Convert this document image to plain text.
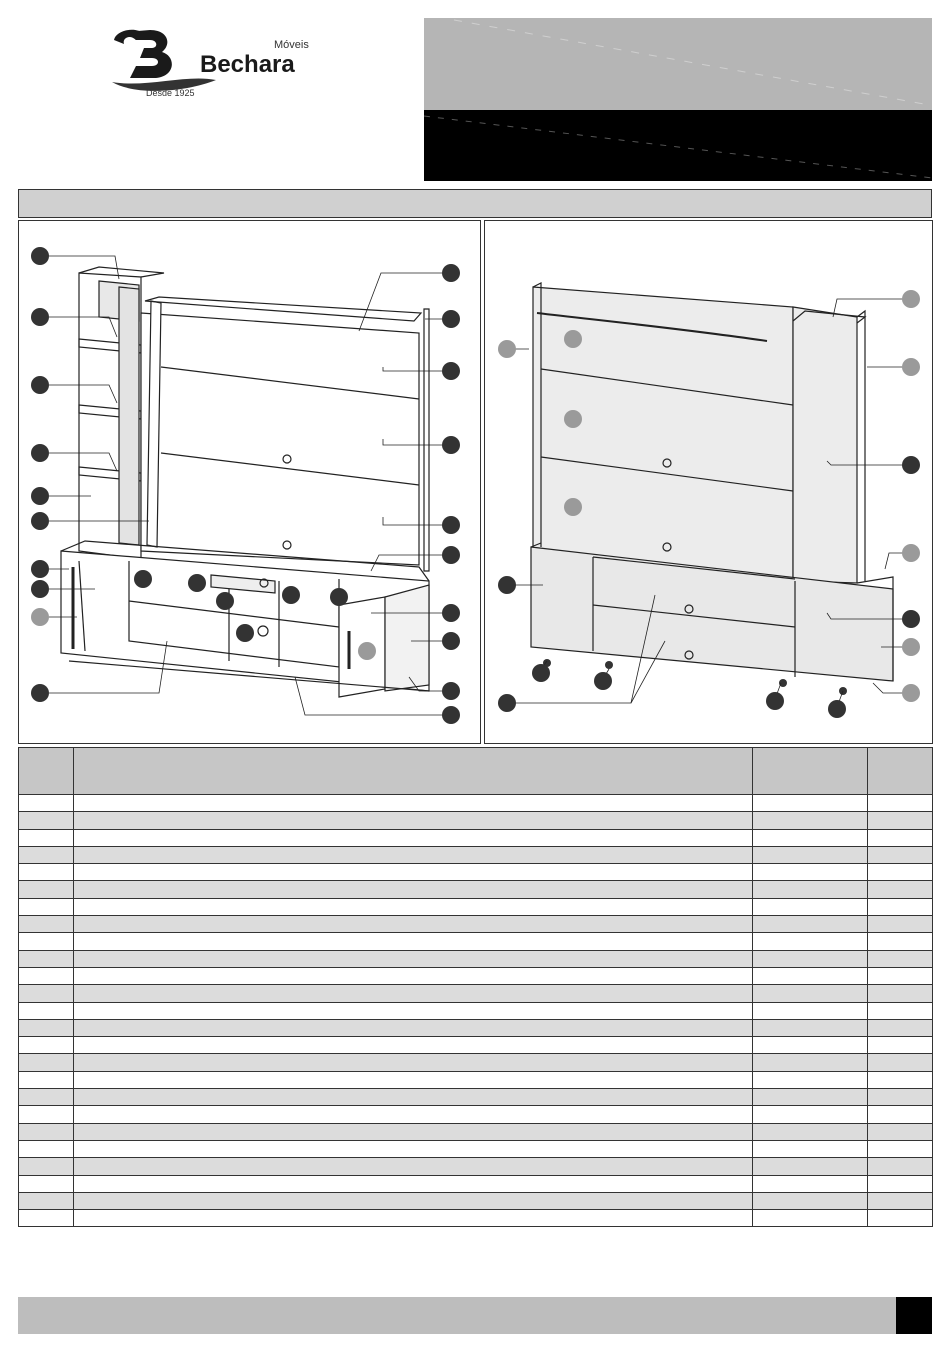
Bechara
Móveis
Desde 1925
